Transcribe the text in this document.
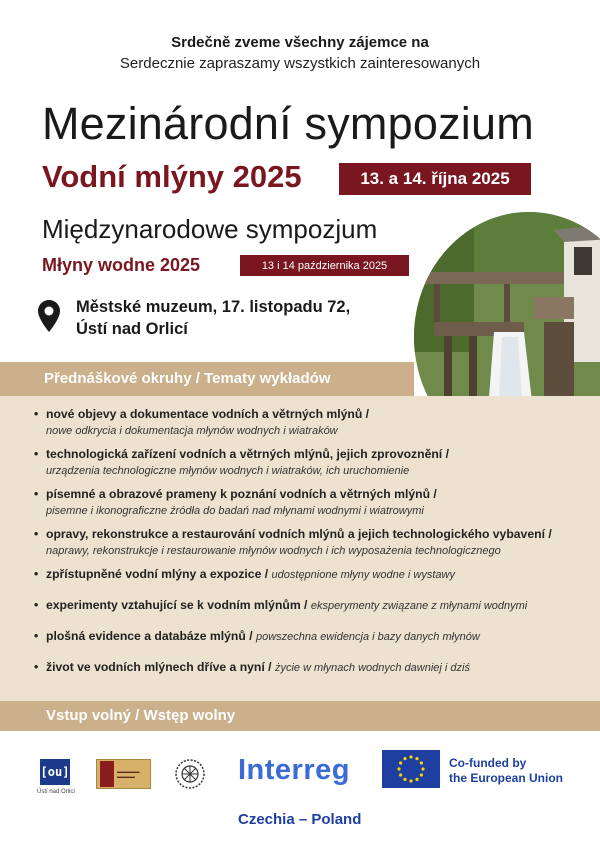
Srdečně zveme všechny zájemce na
Serdecznie zapraszamy wszystkich zainteresowanych
Mezinárodní sympozium
Vodní mlýny 2025	13. a 14. října 2025
Międzynarodowe sympozjum
Młyny wodne 2025	13 i 14 października 2025
Městské muzeum, 17. listopadu 72,
Ústí nad Orlicí
Přednáškové okruhy / Tematy wykładów
• nové objevy a dokumentace vodních a větrných mlýnů /
nowe odkrycia i dokumentacja młynów wodnych i wiatraków
• technologická zařízení vodních a větrných mlýnů, jejich zprovoznění /
urządzenia technologiczne młynów wodnych i wiatraków, ich uruchomienie
• písemné a obrazové prameny k poznání vodních a větrných mlýnů /
pisemne i ikonograficzne źródła do badań nad młynami wodnymi i wiatrowymi
• opravy, rekonstrukce a restaurování vodních mlýnů a jejich technologického vybavení /
naprawy, rekonstrukcje i restaurowanie młynów wodnych i ich wyposażenia technologicznego
• zpřístupněné vodní mlýny a expozice / udostępnione młyny wodne i wystawy
• experimenty vztahující se k vodním mlýnům / eksperymenty związane z młynami wodnymi
• plošná evidence a databáze mlýnů / powszechna ewidencja i bazy danych młynów
• život ve vodních mlýnech dříve a nyní / życie w młynach wodnych dawniej i dziś
Vstup volný / Wstęp wolny
[ou]
Ústí nad Orlicí
▬▬▬▬▬
▬▬▬▬	Interreg	Co-funded by
the European Union
Czechia – Poland
